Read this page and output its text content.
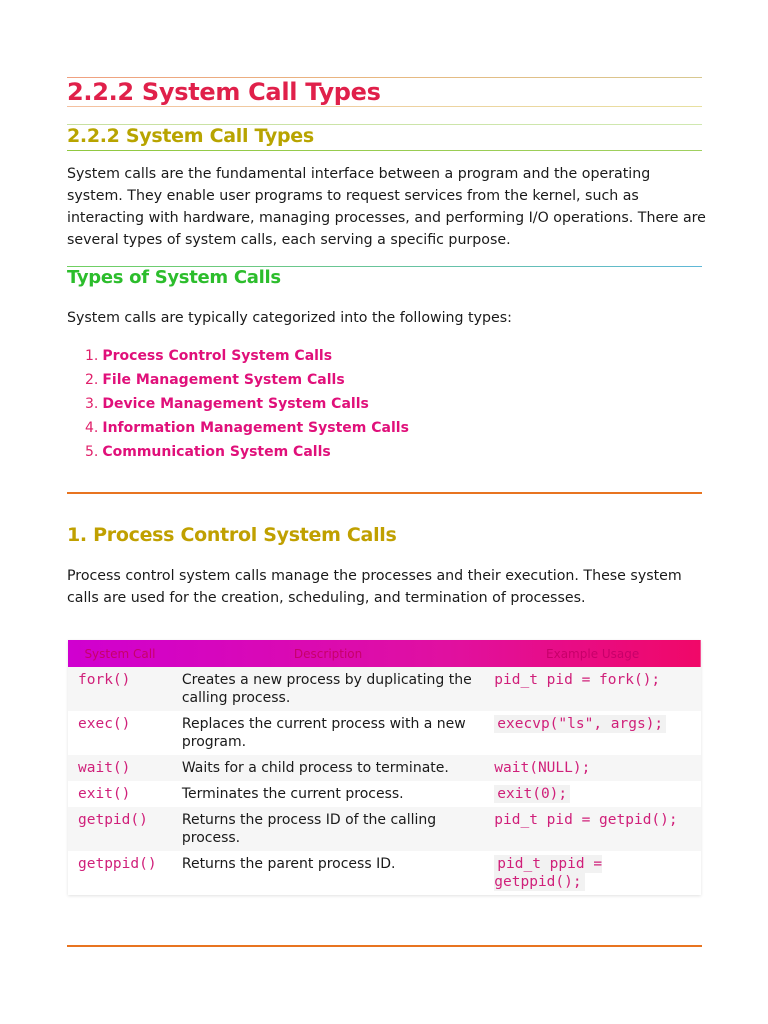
2.2.2 System Call Types
2.2.2 System Call Types

System calls are the fundamental interface between a program and the operating system. They enable user programs to request services from the kernel, such as interacting with hardware, managing processes, and performing I/O operations. There are several types of system calls, each serving a specific purpose.

Types of System Calls

System calls are typically categorized into the following types:

1. Process Control System Calls
2. File Management System Calls
3. Device Management System Calls
4. Information Management System Calls
5. Communication System Calls
1. Process Control System Calls

Process control system calls manage the processes and their execution. These system calls are used for the creation, scheduling, and termination of processes.

System Call	Description	Example Usage
fork()	Creates a new process by duplicating the calling process.	pid_t pid = fork();
exec()	Replaces the current process with a new program.	execvp("ls", args);
wait()	Waits for a child process to terminate.	wait(NULL);
exit()	Terminates the current process.	exit(0);
getpid()	Returns the process ID of the calling process.	pid_t pid = getpid();
getppid()	Returns the parent process ID.	pid_t ppid = getppid();
